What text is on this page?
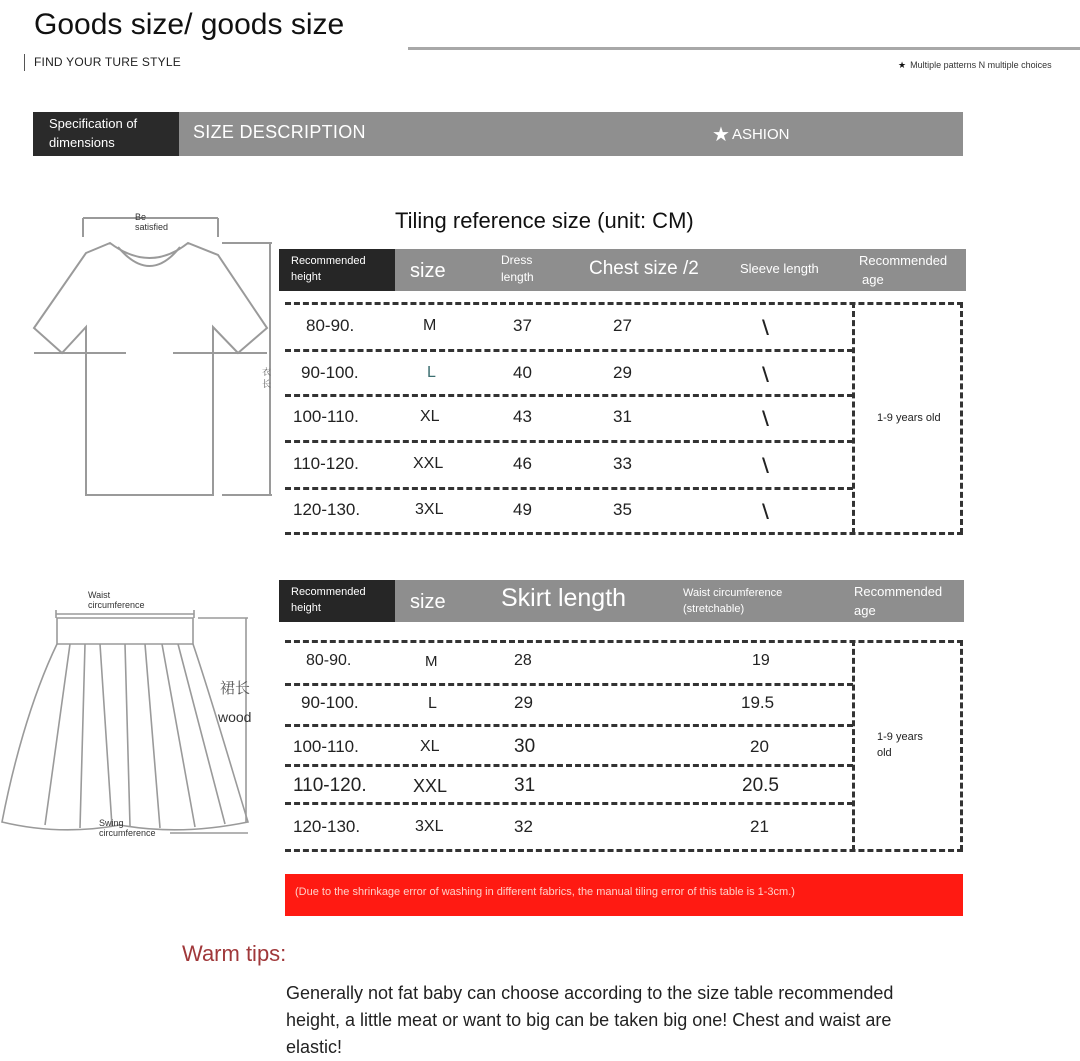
Goods size/ goods size
FIND YOUR TURE STYLE	★ Multiple patterns N multiple choices
Specification of
dimensions
SIZE DESCRIPTION	★ ASHION
Tiling reference size (unit: CM)
Be
satisfied
衣长
Recommended
height	size	Dress
length	Chest size /2	Sleeve length
Recommended
age
80-90.	M	37	27	\
90-100.	L	40	29	\
100-110.	XL	43	31	\
110-120.	XXL	46	33	\
120-130.	3XL	49	35	\
1-9 years old
Waist
circumference
裙长
wood
Swing
circumference
Recommended
height	size Skirt length	Waist circumference
(stretchable)
Recommended
age
80-90.	M	28	19
90-100.	L	29	19.5
100-110.	XL	30	20
110-120.	XXL	31	20.5
120-130.	3XL	32	21
1-9 years
old
(Due to the shrinkage error of washing in different fabrics, the manual tiling error of this table is 1-3cm.)
Warm tips:
Generally not fat baby can choose according to the size table recommended height, a little meat or want to big can be taken big one! Chest and waist are elastic!
